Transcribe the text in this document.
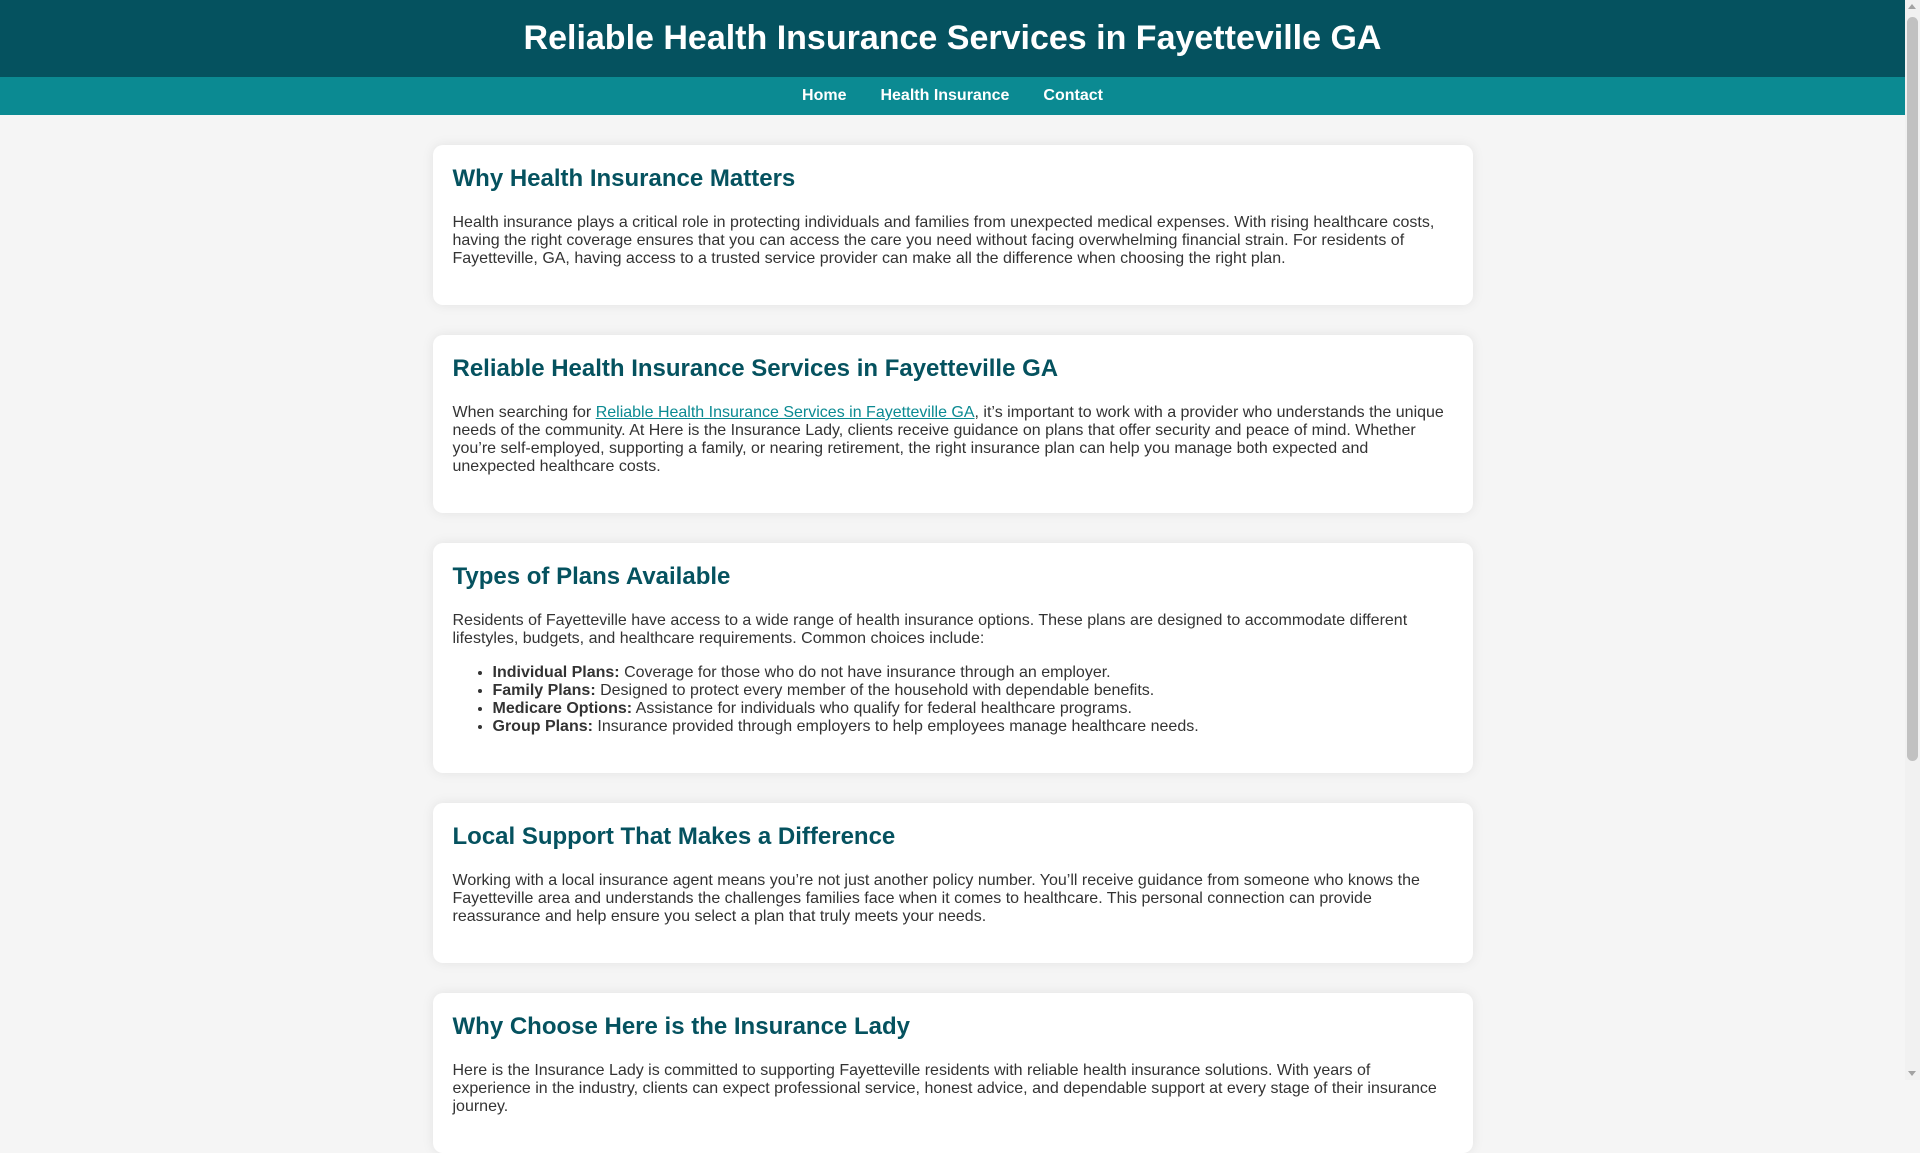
Reliable Health Insurance Services in Fayetteville GA
Home Health Insurance Contact
Why Health Insurance Matters

Health insurance plays a critical role in protecting individuals and families from unexpected medical expenses. With rising healthcare costs, having the right coverage ensures that you can access the care you need without facing overwhelming financial strain. For residents of Fayetteville, GA, having access to a trusted service provider can make all the difference when choosing the right plan.

Reliable Health Insurance Services in Fayetteville GA

When searching for Reliable Health Insurance Services in Fayetteville GA, it’s important to work with a provider who understands the unique needs of the community. At Here is the Insurance Lady, clients receive guidance on plans that offer security and peace of mind. Whether you’re self-employed, supporting a family, or nearing retirement, the right insurance plan can help you manage both expected and unexpected healthcare costs.

Types of Plans Available

Residents of Fayetteville have access to a wide range of health insurance options. These plans are designed to accommodate different lifestyles, budgets, and healthcare requirements. Common choices include:

• Individual Plans: Coverage for those who do not have insurance through an employer.
• Family Plans: Designed to protect every member of the household with dependable benefits.
• Medicare Options: Assistance for individuals who qualify for federal healthcare programs.
• Group Plans: Insurance provided through employers to help employees manage healthcare needs.
Local Support That Makes a Difference

Working with a local insurance agent means you’re not just another policy number. You’ll receive guidance from someone who knows the Fayetteville area and understands the challenges families face when it comes to healthcare. This personal connection can provide reassurance and help ensure you select a plan that truly meets your needs.

Why Choose Here is the Insurance Lady

Here is the Insurance Lady is committed to supporting Fayetteville residents with reliable health insurance solutions. With years of experience in the industry, clients can expect professional service, honest advice, and dependable support at every stage of their insurance journey.
